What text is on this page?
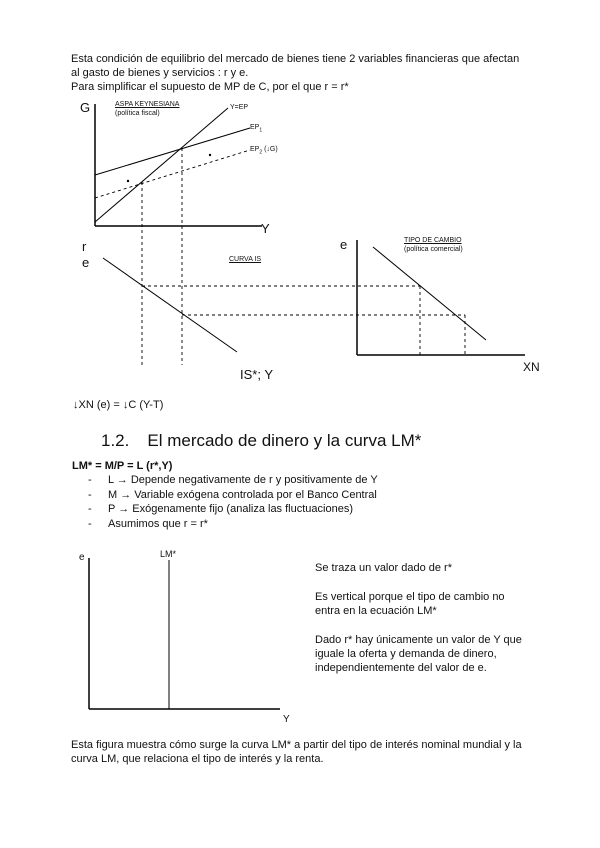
Esta condición de equilibrio del mercado de bienes tiene 2 variables financieras que afectan
al gasto de bienes y servicios : r y e.
Para simplificar el supuesto de MP de C, por el que r = r*
G	ASPA KEYNESIANA
(política fiscal)
Y=EP
$EP_1$
$EP_2$ (↓G)
Y
r
e	CURVA IS
e	TIPO DE CAMBIO
(política comercial)
XN
IS*; Y
↓XN (e) = ↓C (Y-T)
1.2. El mercado de dinero y la curva LM*
LM* = M/P = L (r*,Y)
- L → Depende negativamente de r y positivamente de Y
- M → Variable exógena controlada por el Banco Central
- P → Exógenamente fijo (analiza las fluctuaciones)
- Asumimos que r = r*
e	LM*
Y
Se traza un valor dado de r*
Es vertical porque el tipo de cambio no
entra en la ecuación LM*
Dado r* hay únicamente un valor de Y que
iguale la oferta y demanda de dinero,
independientemente del valor de e.
Esta figura muestra cómo surge la curva LM* a partir del tipo de interés nominal mundial y la
curva LM, que relaciona el tipo de interés y la renta.
